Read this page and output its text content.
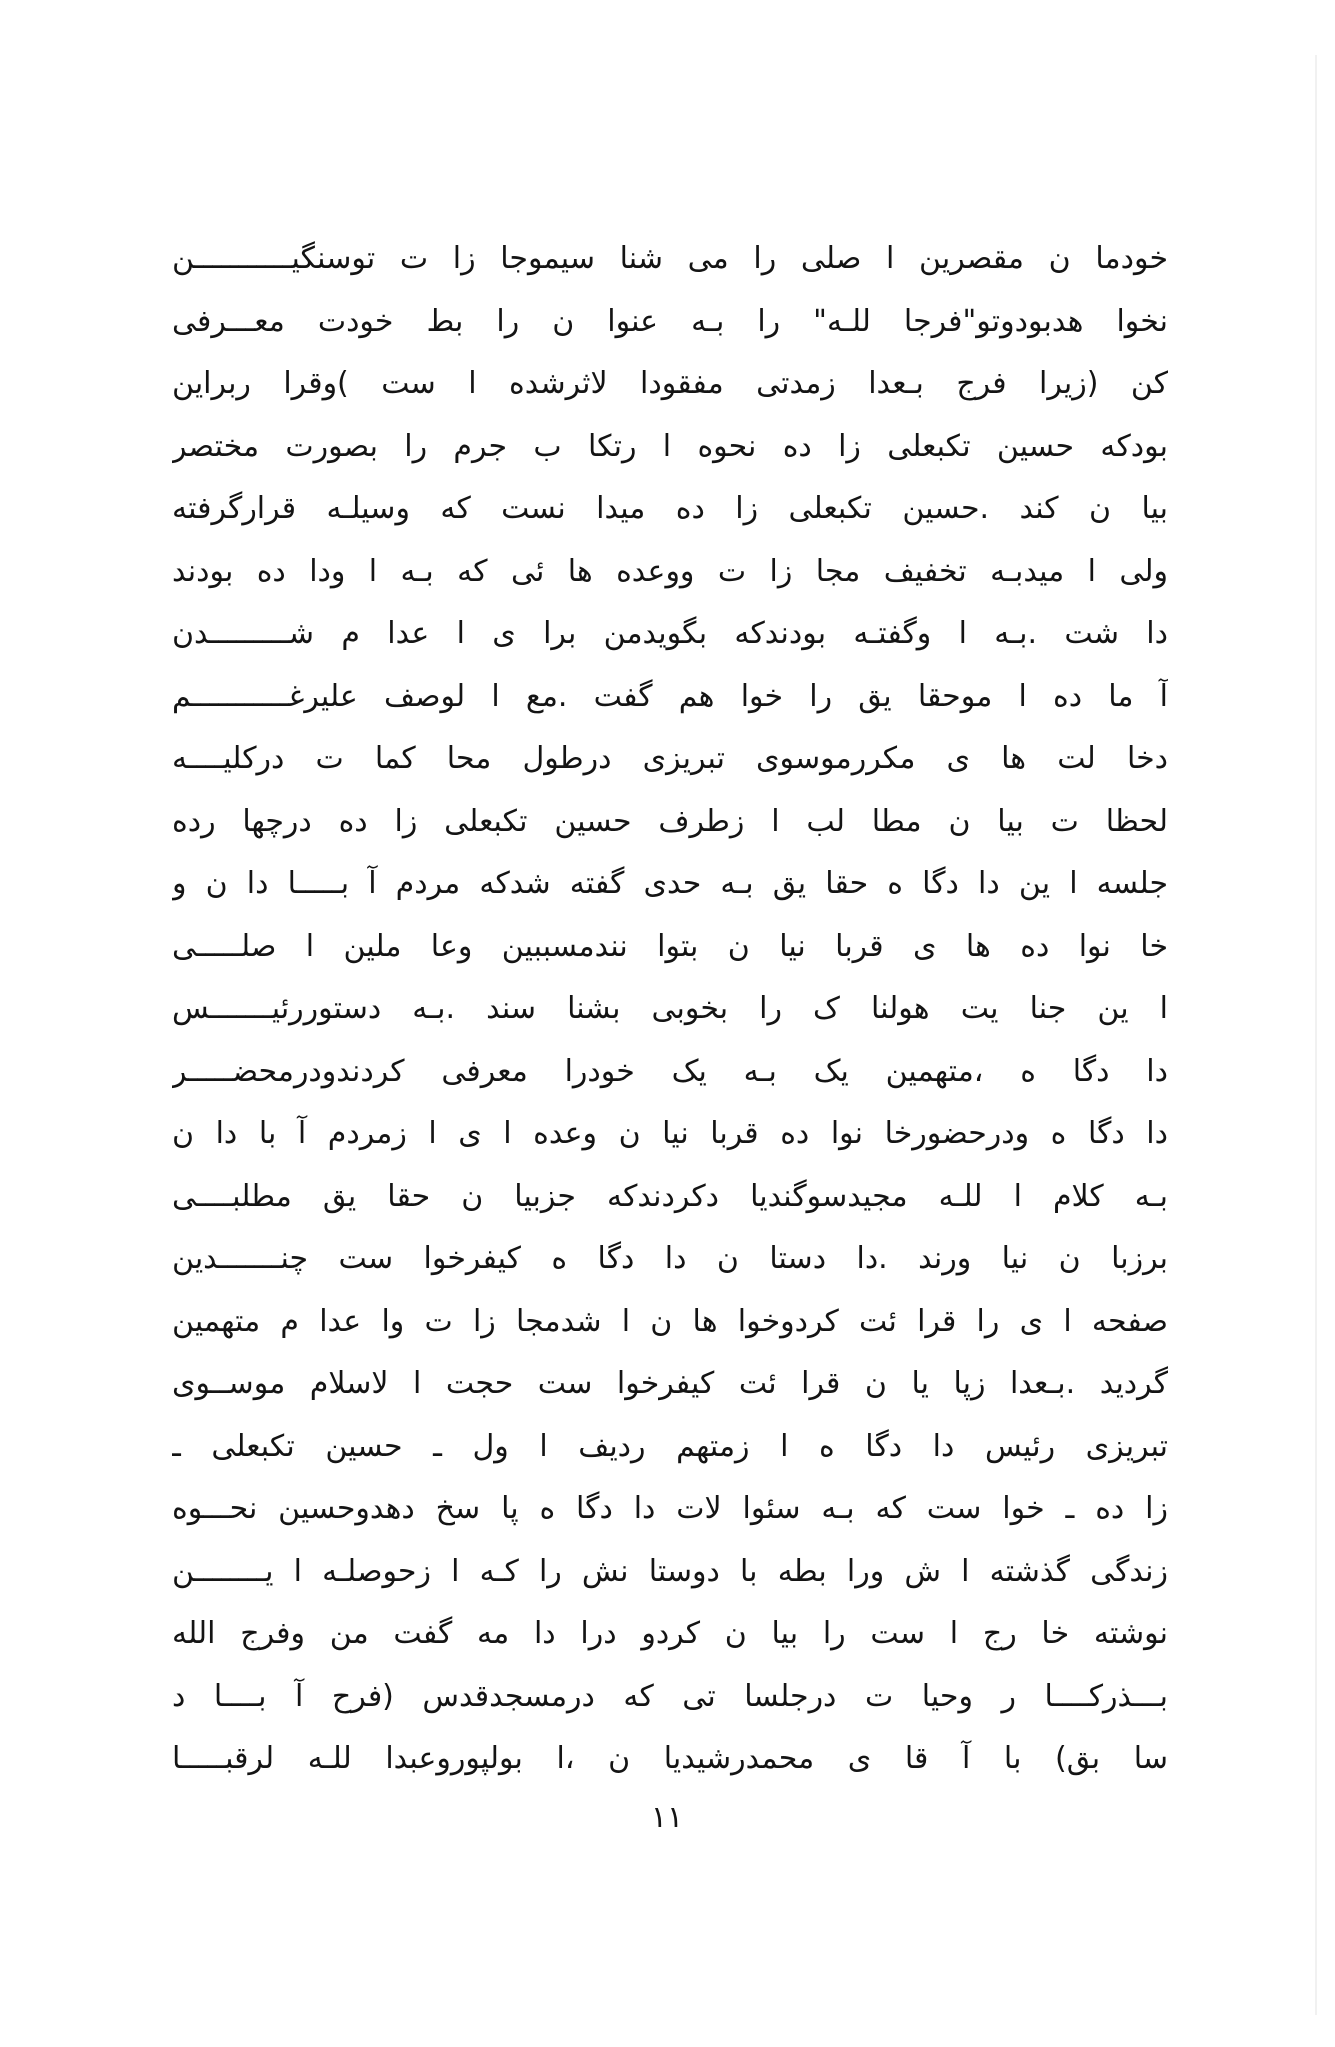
خودما ن مقصرین ا صلی را می شنا سیموجا زا ت توسنگیـــــــــــن
نخوا هدبودوتو"فرجا للـه" را بـه عنوا ن را بط خودت معـــرفی
کن (زیرا فرج بـعدا زمدتی مفقودا لاثرشده ا ست )وقرا ربراین
بودکه حسین تکبعلی زا ده نحوه ا رتکا ب جرم را بصورت مختصر
بیا ن کند .حسین تکبعلی زا ده میدا نست که وسیلـه قرارگرفته
ولی ا میدبـه تخفیف مجا زا ت ووعده ها ئی که بـه ا ودا ده بودند
دا شت .بـه ا وگفتـه بودندکه بگویدمن برا ی ا عدا م شـــــــــدن
آ ما ده ا موحقا یق را خوا هم گفت .مع ا لوصف علیرغـــــــــــم
دخا لت ها ی مکررموسوی تبریزی درطول محا کما ت درکلیــــه
لحظا ت بیا ن مطا لب ا زطرف حسین تکبعلی زا ده درچها رده
جلسه ا ین دا دگا ه حقا یق بـه حدی گفته شدکه مردم آ بـــــا دا ن و
خا نوا ده ها ی قربا نیا ن بتوا نندمسببین وعا ملین ا صلـــــی
ا ین جنا یت هولنا ک را بخوبی بشنا سند .بـه دستوررئیـــــــس
دا دگا ه ،متهمین یک بـه یک خودرا معرفی کردندودرمحضـــــر
دا دگا ه ودرحضورخا نوا ده قربا نیا ن وعده ا ی ا زمردم آ با دا ن
بـه کلام ا للـه مجیدسوگندیا دکردندکه جزبیا ن حقا یق مطلبــــی
برزبا ن نیا ورند .دا دستا ن دا دگا ه کیفرخوا ست چنـــــــدین
صفحه ا ی را قرا ئت کردوخوا ها ن ا شدمجا زا ت وا عدا م متهمین
گردید .بـعدا زپا یا ن قرا ئت کیفرخوا ست حجت ا لاسلام موســوی
تبریزی رئیس دا دگا ه ا زمتهم ردیف ا ول ـ حسین تکبعلی ـ
زا ده ـ خوا ست که بـه سئوا لات دا دگا ه پا سخ دهدوحسین نحـــوه
زندگی گذشته ا ش ورا بطه با دوستا نش را کـه ا زحوصلـه ا یــــــــن
نوشته خا رج ا ست را بیا ن کردو درا دا مه گفت من وفرج الله
بـــذرکــــا ر وحیا ت درجلسا تی که درمسجدقدس (فرح آ بــــا د
سا بق) با آ قا ی محمدرشیدیا ن ،ا بولپوروعبدا للـه لرقبـــــا
١١
